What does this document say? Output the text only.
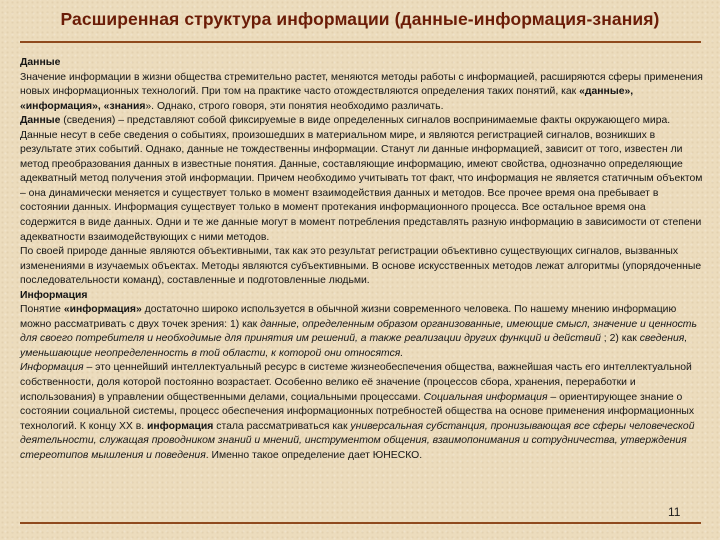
Расширенная структура информации (данные-информация-знания)
Данные

Значение информации в жизни общества стремительно растет, меняются методы работы с информацией, расширяются сферы применения новых информационных технологий. При том на практике часто отождествляются определения таких понятий, как «данные», «информация», «знания». Однако, строго говоря, эти понятия необходимо различать.

Данные (сведения) – представляют собой фиксируемые в виде определенных сигналов воспринимаемые факты окружающего мира.

Данные несут в себе сведения о событиях, произошедших в материальном мире, и являются регистрацией сигналов, возникших в результате этих событий. Однако, данные не тождественны информации. Станут ли данные информацией, зависит от того, известен ли метод преобразования данных в известные понятия. Данные, составляющие информацию, имеют свойства, однозначно определяющие адекватный метод получения этой информации. Причем необходимо учитывать тот факт, что информация не является статичным объектом – она динамически меняется и существует только в момент взаимодействия данных и методов. Все прочее время она пребывает в состоянии данных. Информация существует только в момент протекания информационного процесса. Все остальное время она содержится в виде данных. Одни и те же данные могут в момент потребления представлять разную информацию в зависимости от степени адекватности взаимодействующих с ними методов.

По своей природе данные являются объективными, так как это результат регистрации объективно существующих сигналов, вызванных изменениями в изучаемых объектах. Методы являются субъективными. В основе искусственных методов лежат алгоритмы (упорядоченные последовательности команд), составленные и подготовленные людьми.

Информация

Понятие «информация» достаточно широко используется в обычной жизни современного человека. По нашему мнению информацию можно рассматривать с двух точек зрения: 1) как данные, определенным образом организованные, имеющие смысл, значение и ценность для своего потребителя и необходимые для принятия им решений, а также реализации других функций и действий ; 2) как сведения, уменьшающие неопределенность в той области, к которой они относятся.

Информация – это ценнейший интеллектуальный ресурс в системе жизнеобеспечения общества, важнейшая часть его интеллектуальной собственности, доля которой постоянно возрастает. Особенно велико её значение (процессов сбора, хранения, переработки и использования) в управлении общественными делами, социальными процессами. Социальная информация – ориентирующее знание о состоянии социальной системы, процесс обеспечения информационных потребностей общества на основе применения информационных технологий. К концу XX в. информация стала рассматриваться как универсальная субстанция, пронизывающая все сферы человеческой деятельности, служащая проводником знаний и мнений, инструментом общения, взаимопонимания и сотрудничества, утверждения стереотипов мышления и поведения. Именно такое определение дает ЮНЕСКО.

11
